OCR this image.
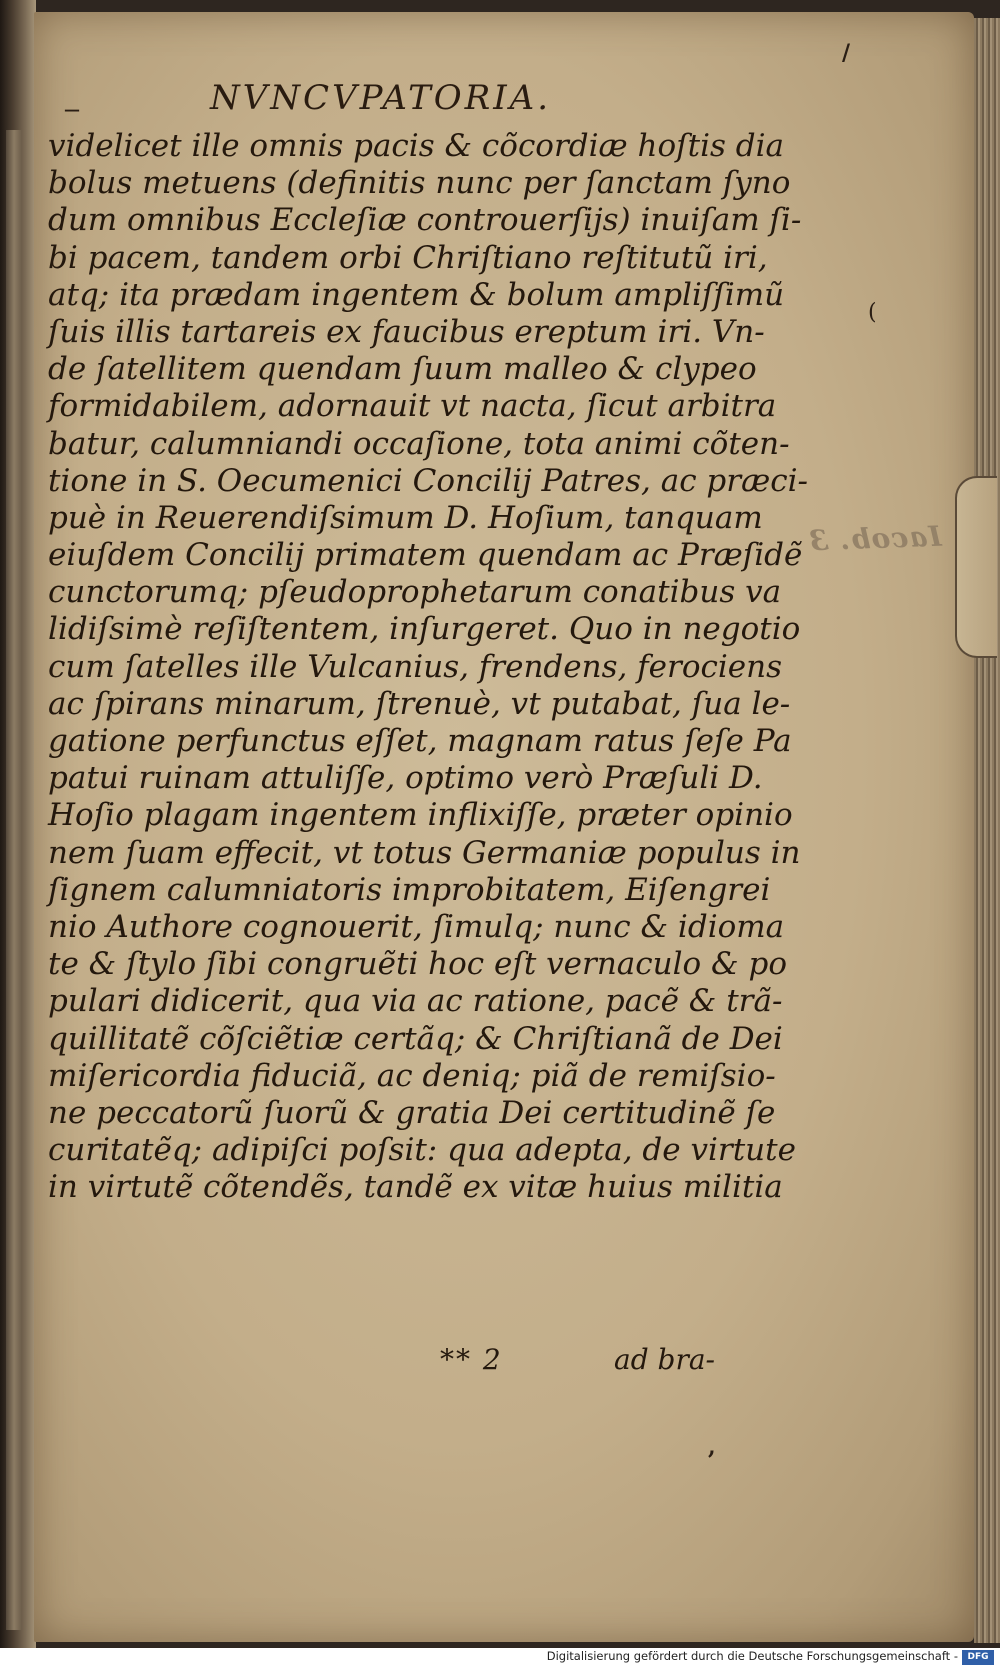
Iacob. 3
/
(
,
—	NVNCVPATORIA.
videlicet ille omnis pacis & cõcordiæ hoſtis dia
bolus metuens (definitis nunc per ſanctam ſyno
dum omnibus Eccleſiæ controuerſijs) inuiſam ſi-
bi pacem, tandem orbi Chriſtiano reſtitutũ iri,
atq; ita prædam ingentem & bolum ampliſſimũ
ſuis illis tartareis ex faucibus ereptum iri. Vn-
de ſatellitem quendam ſuum malleo & clypeo
formidabilem, adornauit vt nacta, ſicut arbitra
batur, calumniandi occaſione, tota animi cõten-
tione in S. Oecumenici Concilij Patres, ac præci-
puè in Reuerendiſsimum D. Hoſium, tanquam
eiuſdem Concilij primatem quendam ac Præſidẽ
cunctorumq; pſeudoprophetarum conatibus va
lidiſsimè reſiſtentem, inſurgeret. Quo in negotio
cum ſatelles ille Vulcanius, frendens, ferociens
ac ſpirans minarum, ſtrenuè, vt putabat, ſua le-
gatione perfunctus eſſet, magnam ratus ſeſe Pa
patui ruinam attuliſſe, optimo verò Præſuli D.
Hoſio plagam ingentem inflixiſſe, præter opinio
nem ſuam effecit, vt totus Germaniæ populus in
ſignem calumniatoris improbitatem, Eiſengrei
nio Authore cognouerit, ſimulq; nunc & idioma
te & ſtylo ſibi congruẽti hoc eſt vernaculo & po
pulari didicerit, qua via ac ratione, pacẽ & trã-
quillitatẽ cõſciẽtiæ certãq; & Chriſtianã de Dei
miſericordia fiduciã, ac deniq; piã de remiſsio-
ne peccatorũ ſuorũ & gratia Dei certitudinẽ ſe
curitatẽq; adipiſci poſsit: qua adepta, de virtute
in virtutẽ cõtendẽs, tandẽ ex vitæ huius militia
** 2	ad bra-
Digitalisierung gefördert durch die Deutsche Forschungsgemeinschaft -	DFG
